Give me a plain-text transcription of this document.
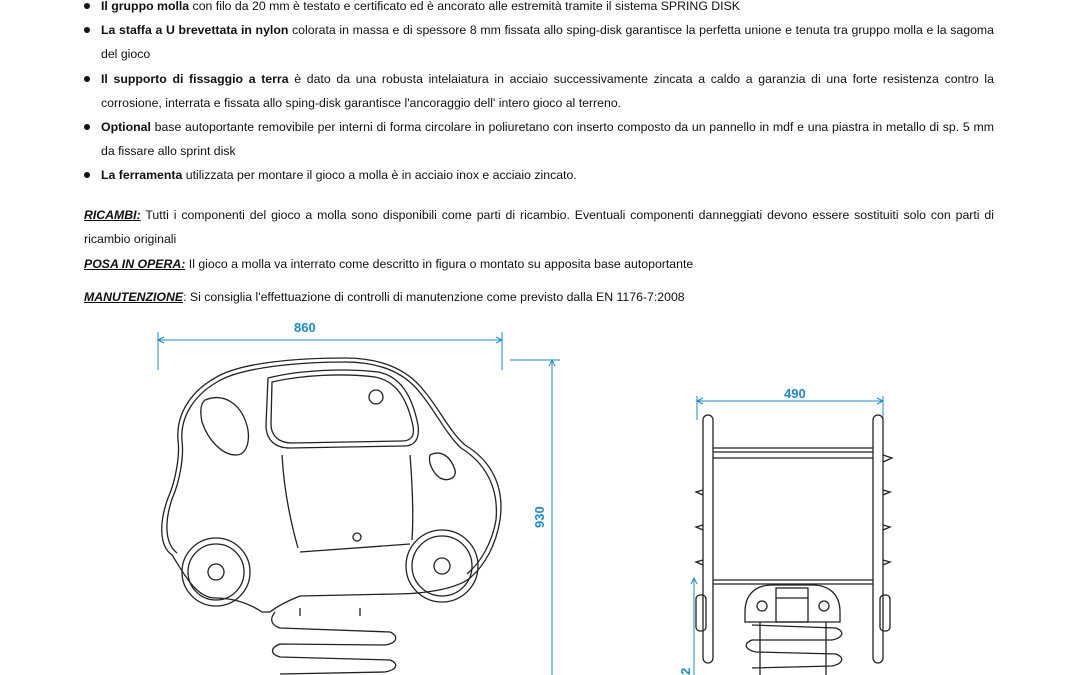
Il gruppo molla con filo da 20 mm è testato e certificato ed è ancorato alle estremità tramite il sistema SPRING DISK
La staffa a U brevettata in nylon colorata in massa e di spessore 8 mm fissata allo sping-disk garantisce la perfetta unione e tenuta tra gruppo molla e la sagoma del gioco
Il supporto di fissaggio a terra è dato da una robusta intelaiatura in acciaio successivamente zincata a caldo a garanzia di una forte resistenza contro la corrosione, interrata e fissata allo sping-disk garantisce l'ancoraggio dell' intero gioco al terreno.
Optional base autoportante removibile per interni di forma circolare in poliuretano con inserto composto da un pannello in mdf e una piastra in metallo di sp. 5 mm da fissare allo sprint disk
La ferramenta utilizzata per montare il gioco a molla è in acciaio inox e acciaio zincato.
RICAMBI: Tutti i componenti del gioco a molla sono disponibili come parti di ricambio. Eventuali componenti danneggiati devono essere sostituiti solo con parti di ricambio originali
POSA IN OPERA: Il gioco a molla va interrato come descritto in figura o montato su apposita base autoportante
MANUTENZIONE: Si consiglia l'effettuazione di controlli di manutenzione come previsto dalla EN 1176-7:2008
860
930
490
2
